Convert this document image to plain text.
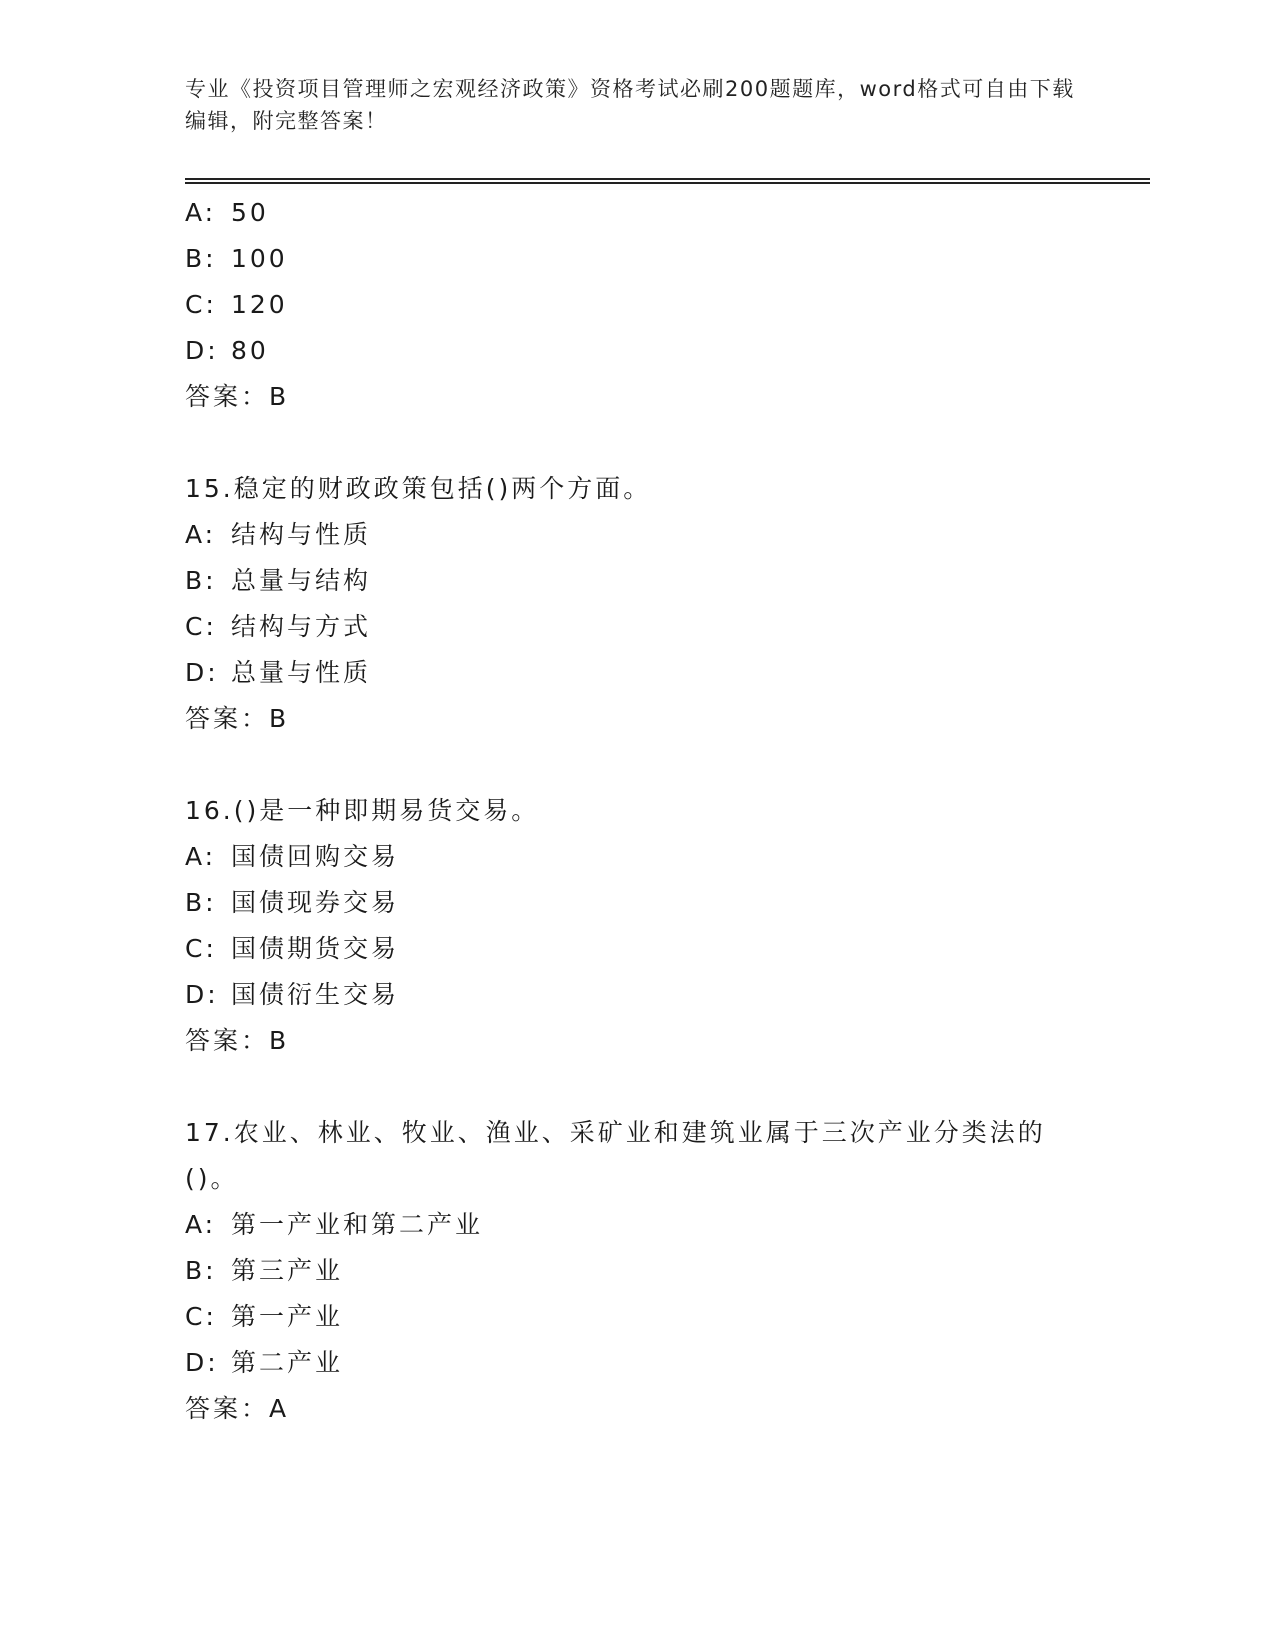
专业《投资项目管理师之宏观经济政策》资格考试必刷200题题库，word格式可自由下载编辑，附完整答案！
A: 50
B: 100
C: 120
D: 80
答案：B
15.稳定的财政政策包括()两个方面。
A: 结构与性质
B: 总量与结构
C: 结构与方式
D: 总量与性质
答案：B
16.()是一种即期易货交易。
A: 国债回购交易
B: 国债现券交易
C: 国债期货交易
D: 国债衍生交易
答案：B
17.农业、林业、牧业、渔业、采矿业和建筑业属于三次产业分类法的()。
A: 第一产业和第二产业
B: 第三产业
C: 第一产业
D: 第二产业
答案：A
